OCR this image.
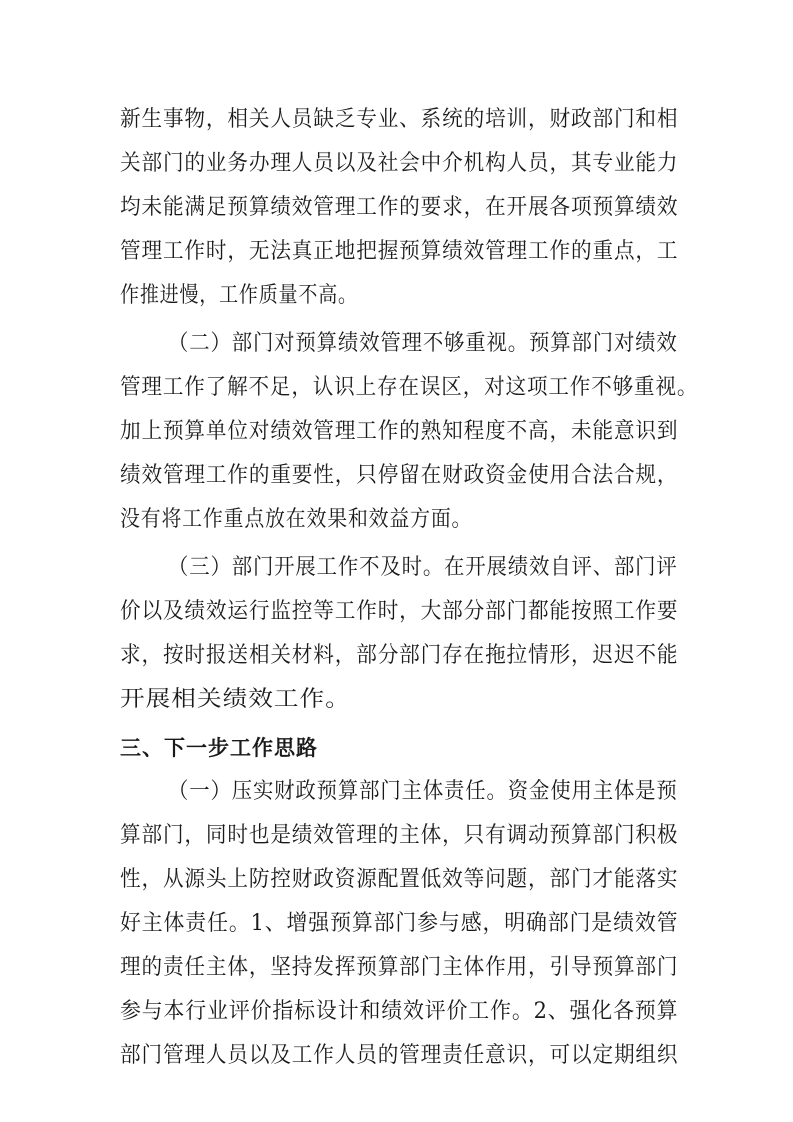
新生事物，相关人员缺乏专业、系统的培训，财政部门和相

关部门的业务办理人员以及社会中介机构人员，其专业能力

均未能满足预算绩效管理工作的要求，在开展各项预算绩效

管理工作时，无法真正地把握预算绩效管理工作的重点，工

作推进慢，工作质量不高。

（二）部门对预算绩效管理不够重视。预算部门对绩效

管理工作了解不足，认识上存在误区，对这项工作不够重视。

加上预算单位对绩效管理工作的熟知程度不高，未能意识到

绩效管理工作的重要性，只停留在财政资金使用合法合规，

没有将工作重点放在效果和效益方面。

（三）部门开展工作不及时。在开展绩效自评、部门评

价以及绩效运行监控等工作时，大部分部门都能按照工作要

求，按时报送相关材料，部分部门存在拖拉情形，迟迟不能

开展相关绩效工作。

三、下一步工作思路

（一）压实财政预算部门主体责任。资金使用主体是预

算部门，同时也是绩效管理的主体，只有调动预算部门积极

性，从源头上防控财政资源配置低效等问题，部门才能落实

好主体责任。1、增强预算部门参与感，明确部门是绩效管

理的责任主体，坚持发挥预算部门主体作用，引导预算部门

参与本行业评价指标设计和绩效评价工作。2、强化各预算

部门管理人员以及工作人员的管理责任意识，可以定期组织
